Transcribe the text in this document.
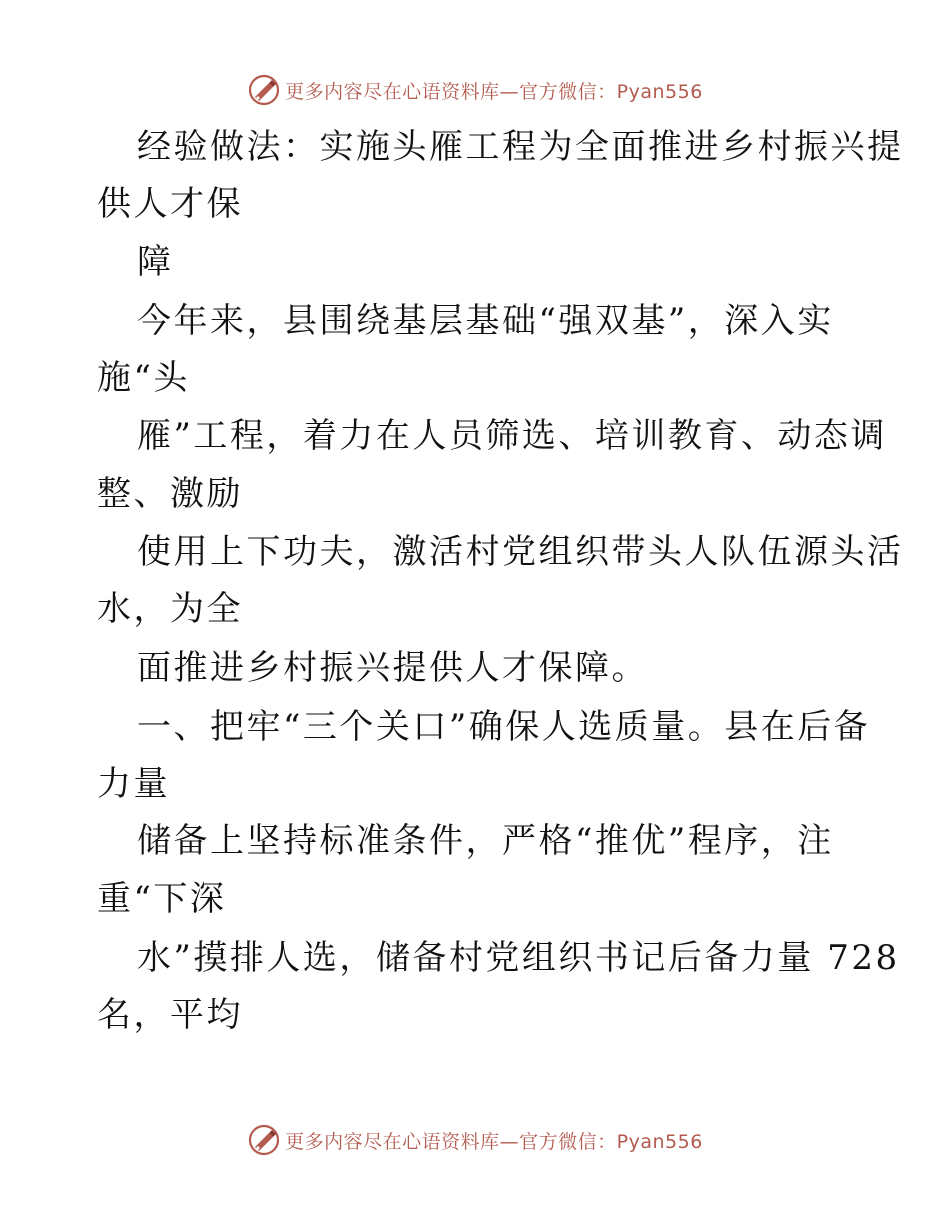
更多内容尽在心语资料库—官方微信：Pyan556
经验做法：实施头雁工程为全面推进乡村振兴提
供人才保
障
今年来，县围绕基层基础“强双基”，深入实
施“头
雁”工程，着力在人员筛选、培训教育、动态调
整、激励
使用上下功夫，激活村党组织带头人队伍源头活
水，为全
面推进乡村振兴提供人才保障。
一、把牢“三个关口”确保人选质量。县在后备
力量
储备上坚持标准条件，严格“推优”程序，注
重“下深
水”摸排人选，储备村党组织书记后备力量 728
名，平均
更多内容尽在心语资料库—官方微信：Pyan556
